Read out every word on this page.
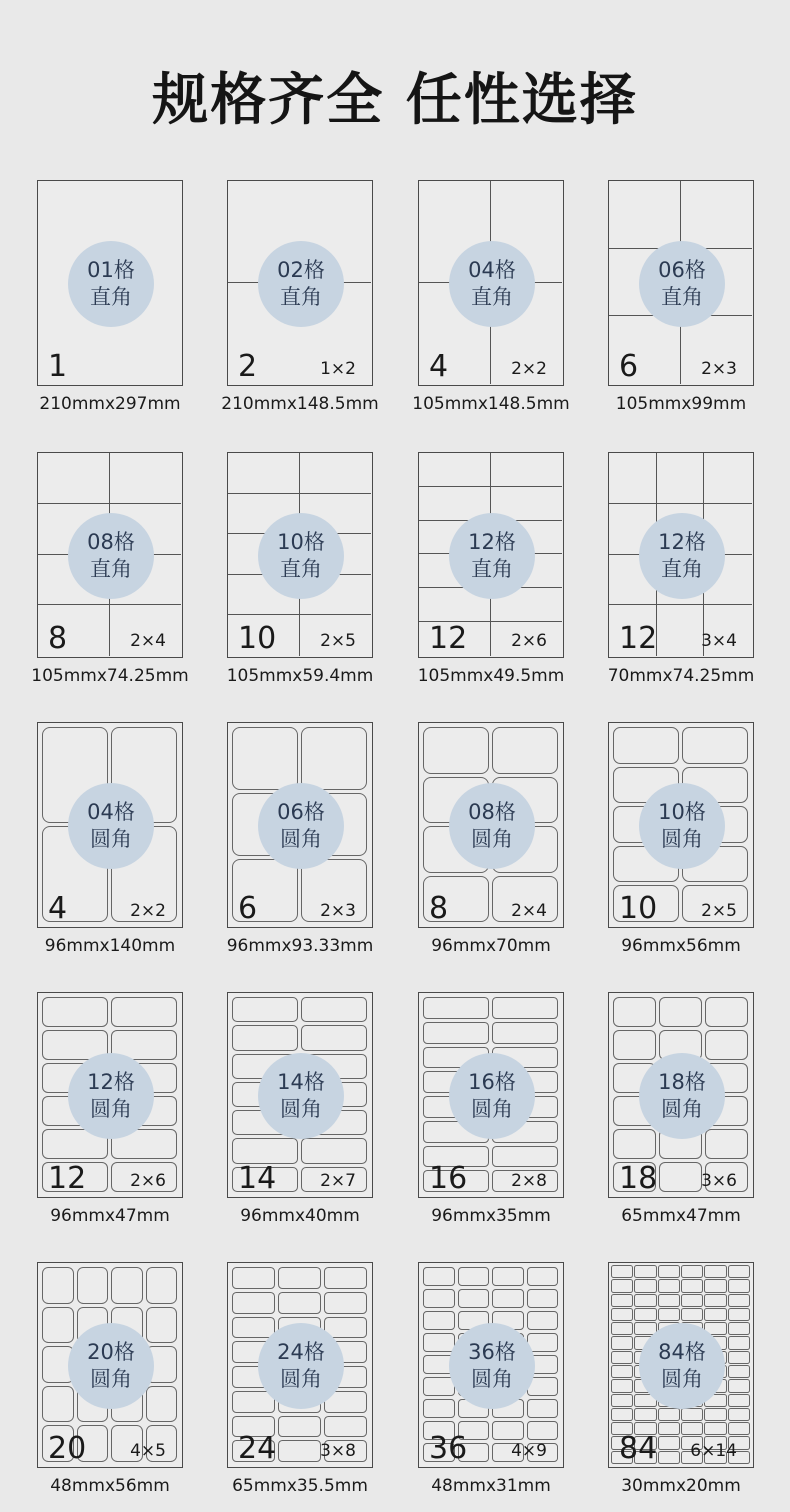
规格齐全 任性选择
01格
直角
1
210mmx297mm
02格
直角
2	1×2
210mmx148.5mm
04格
直角
4	2×2
105mmx148.5mm
06格
直角
6	2×3
105mmx99mm
08格
直角
8	2×4
105mmx74.25mm
10格
直角
10	2×5
105mmx59.4mm
12格
直角
12	2×6
105mmx49.5mm
12格
直角
12	3×4
70mmx74.25mm
04格
圆角
4	2×2
96mmx140mm
06格
圆角
6	2×3
96mmx93.33mm
08格
圆角
8	2×4
96mmx70mm
10格
圆角
10	2×5
96mmx56mm
12格
圆角
12	2×6
96mmx47mm
14格
圆角
14	2×7
96mmx40mm
16格
圆角
16	2×8
96mmx35mm
18格
圆角
18	3×6
65mmx47mm
20格
圆角
20	4×5
48mmx56mm
24格
圆角
24	3×8
65mmx35.5mm
36格
圆角
36	4×9
48mmx31mm
84格
圆角
84 6×14
30mmx20mm
